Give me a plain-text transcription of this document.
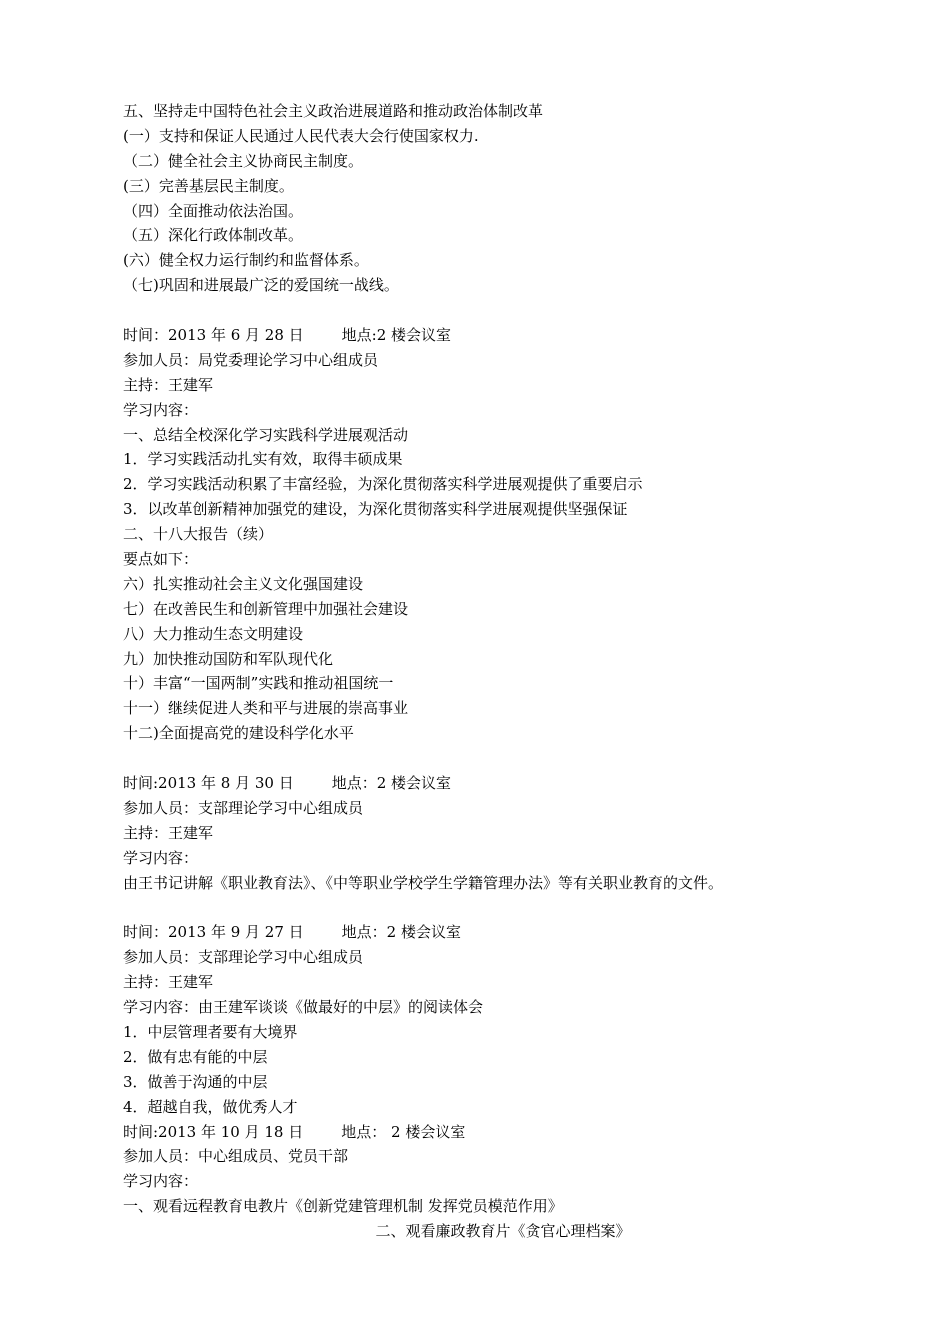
五、坚持走中国特色社会主义政治进展道路和推动政治体制改革
(一）支持和保证人民通过人民代表大会行使国家权力.
（二）健全社会主义协商民主制度。
(三）完善基层民主制度。
（四）全面推动依法治国。
（五）深化行政体制改革。
(六）健全权力运行制约和监督体系。
（七)巩固和进展最广泛的爱国统一战线。
时间：2013 年 6 月 28 日	地点:2 楼会议室
参加人员：局党委理论学习中心组成员
主持：王建军
学习内容：
一、总结全校深化学习实践科学进展观活动
1．学习实践活动扎实有效，取得丰硕成果
2．学习实践活动积累了丰富经验，为深化贯彻落实科学进展观提供了重要启示
3．以改革创新精神加强党的建设，为深化贯彻落实科学进展观提供坚强保证
二、十八大报告（续）
要点如下：
六）扎实推动社会主义文化强国建设
七）在改善民生和创新管理中加强社会建设
八）大力推动生态文明建设
九）加快推动国防和军队现代化
十）丰富“一国两制”实践和推动祖国统一
十一）继续促进人类和平与进展的崇高事业
十二)全面提高党的建设科学化水平
时间:2013 年 8 月 30 日	地点：2 楼会议室
参加人员：支部理论学习中心组成员
主持：王建军
学习内容：
由王书记讲解《职业教育法》、《中等职业学校学生学籍管理办法》等有关职业教育的文件。
时间：2013 年 9 月 27 日	地点：2 楼会议室
参加人员：支部理论学习中心组成员
主持：王建军
学习内容：由王建军谈谈《做最好的中层》的阅读体会
1．中层管理者要有大境界
2．做有忠有能的中层
3．做善于沟通的中层
4．超越自我，做优秀人才
时间:2013 年 10 月 18 日	地点： 2 楼会议室
参加人员：中心组成员、党员干部
学习内容：
一、观看远程教育电教片《创新党建管理机制 发挥党员模范作用》
二、观看廉政教育片《贪官心理档案》
